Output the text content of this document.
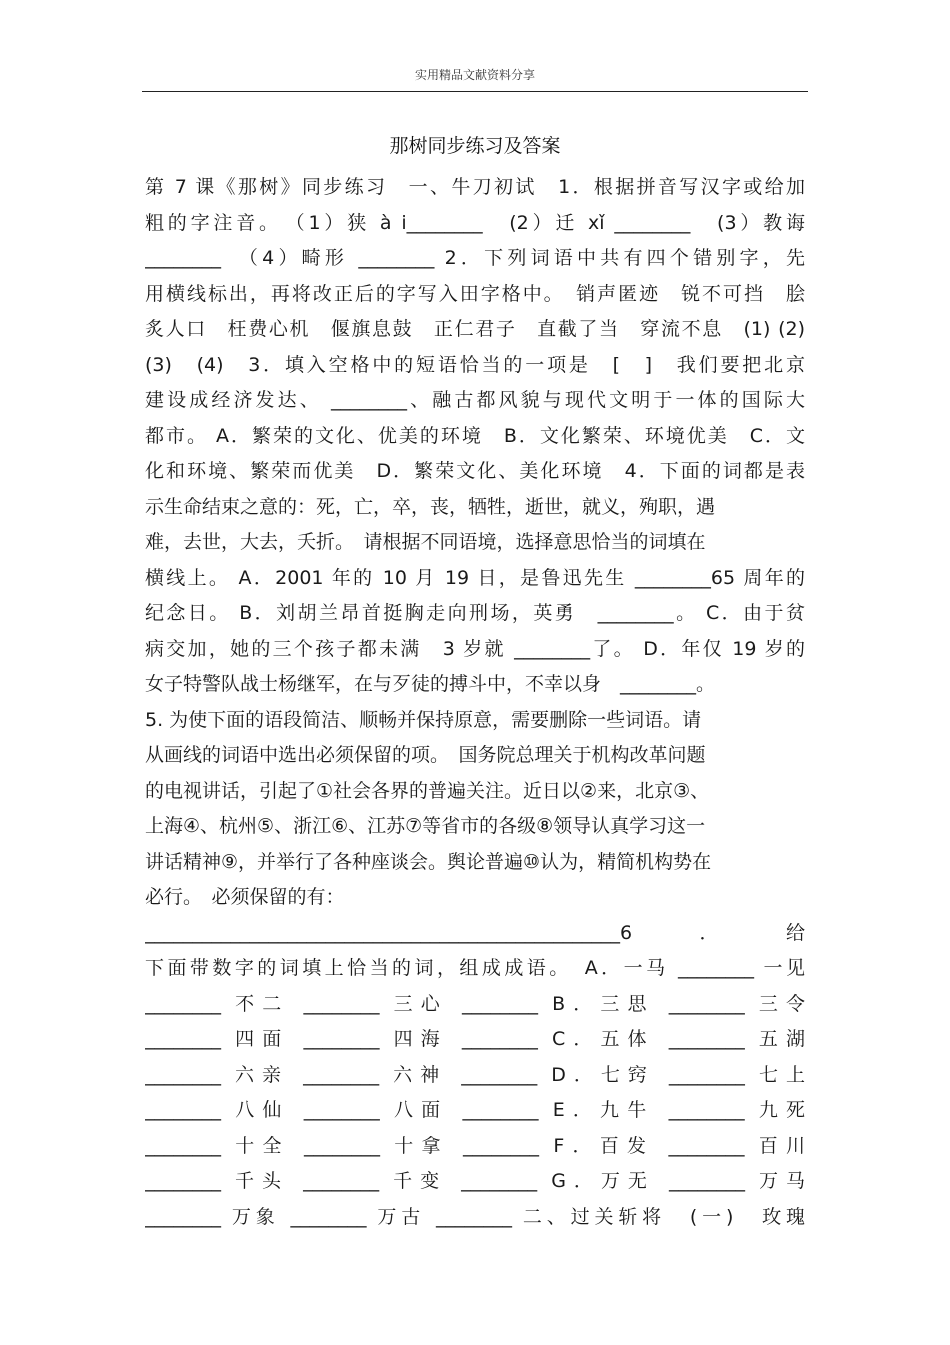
实用精品文献资料分享
那树同步练习及答案
第 7 课《那树》同步练习　一、牛刀初试　1．根据拼音写汉字或给加
粗的字注音。　（1）狭 à i________　(2）迁 xǐ ________　(3）教诲
________　（4）畸形 ________ 2．下列词语中共有四个错别字，先
用横线标出，再将改正后的字写入田字格中。　销声匿迹　锐不可挡　脍
炙人口　枉费心机　偃旗息鼓　正仁君子　直截了当　穿流不息　(1) (2)
(3)　(4)　3．填入空格中的短语恰当的一项是　[　]　我们要把北京
建设成经济发达、 ________、融古都风貌与现代文明于一体的国际大
都市。 A．繁荣的文化、优美的环境　B．文化繁荣、环境优美　C．文
化和环境、繁荣而优美　D．繁荣文化、美化环境　4．下面的词都是表
示生命结束之意的：死，亡，卒，丧，牺牲，逝世，就义，殉职，遇
难，去世，大去，夭折。　请根据不同语境，选择意思恰当的词填在
横线上。 A．2001 年的 10 月 19 日，是鲁迅先生 ________65 周年的
纪念日。 B．刘胡兰昂首挺胸走向刑场，英勇　________。 C．由于贫
病交加，她的三个孩子都未满　3 岁就 ________了。 D．年仅 19 岁的
女子特警队战士杨继军，在与歹徒的搏斗中，不幸以身　________。
5. 为使下面的语段简洁、顺畅并保持原意，需要删除一些词语。请
从画线的词语中选出必须保留的项。　国务院总理关于机构改革问题
的电视讲话，引起了①社会各界的普遍关注。近日以②来，北京③、
上海④、杭州⑤、浙江⑥、江苏⑦等省市的各级⑧领导认真学习这一
讲话精神⑨，并举行了各种座谈会。舆论普遍⑩认为，精简机构势在
必行。　必须保留的有：
__________________________________________________6．给
下面带数字的词填上恰当的词，组成成语。　A．一马 ________ 一见
________ 不二 ________ 三心 ________ B．三思 ________ 三令
________ 四面 ________ 四海 ________ C．五体 ________ 五湖
________ 六亲 ________ 六神 ________ D．七窍 ________ 七上
________ 八仙 ________ 八面 ________ E．九牛 ________ 九死
________ 十全 ________ 十拿 ________ F．百发 ________ 百川
________ 千头 ________ 千变 ________ G．万无 ________ 万马
________ 万象 ________ 万古 ________ 二、过关斩将　(一)　玫瑰
